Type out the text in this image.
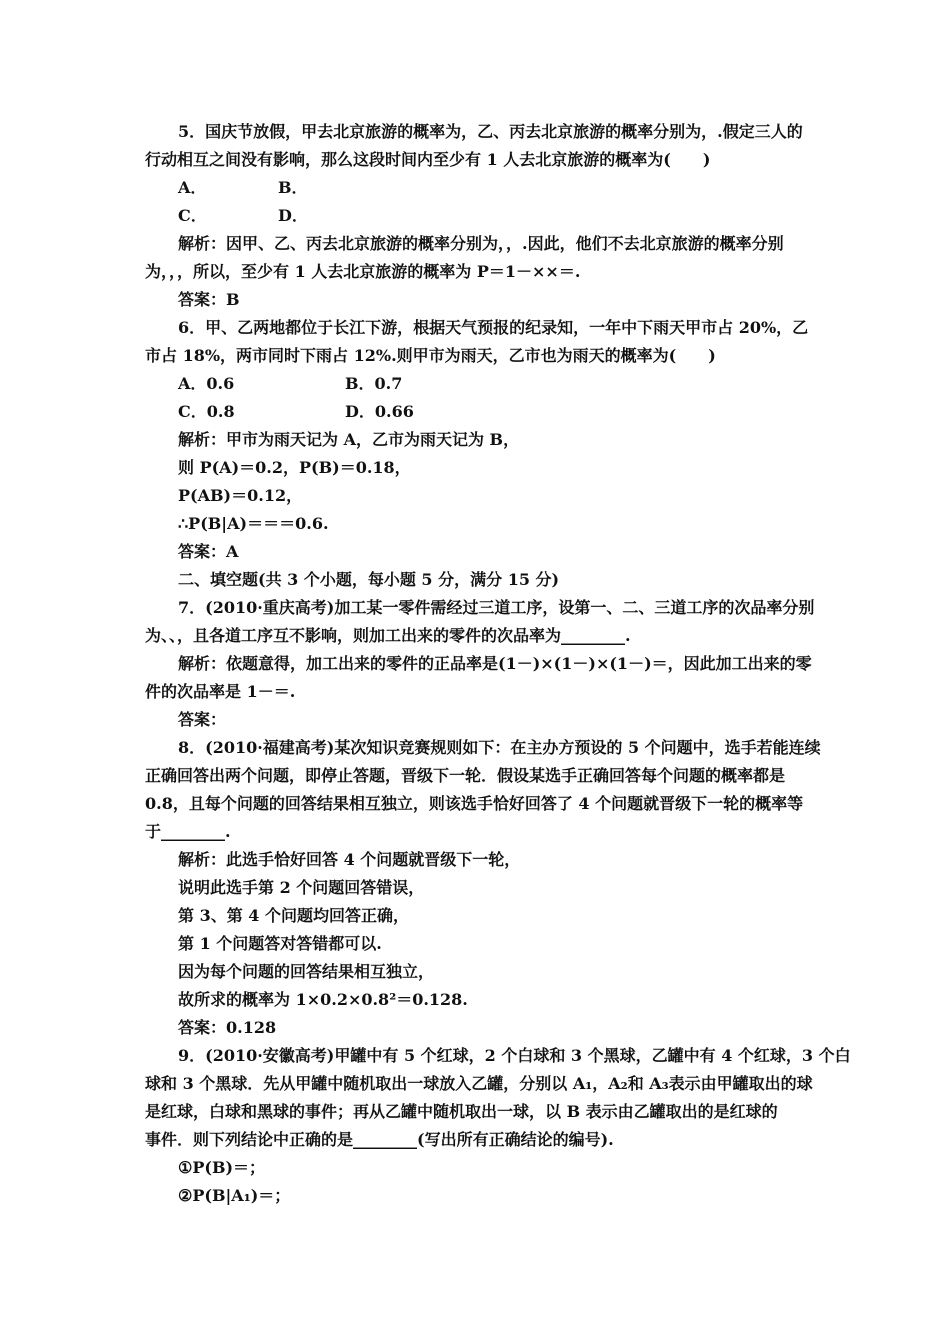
5．国庆节放假，甲去北京旅游的概率为，乙、丙去北京旅游的概率分别为，.假定三人的
行动相互之间没有影响，那么这段时间内至少有 1 人去北京旅游的概率为(　　)
A．	B．
C．	D．
解析：因甲、乙、丙去北京旅游的概率分别为，，.因此，他们不去北京旅游的概率分别
为，，，所以，至少有 1 人去北京旅游的概率为 P＝1－××＝.
答案：B
6．甲、乙两地都位于长江下游，根据天气预报的纪录知，一年中下雨天甲市占 20%，乙
市占 18%，两市同时下雨占 12%.则甲市为雨天，乙市也为雨天的概率为(　　)
A．0.6	B．0.7
C．0.8	D．0.66
解析：甲市为雨天记为 A，乙市为雨天记为 B，
则 P(A)＝0.2，P(B)＝0.18，
P(AB)＝0.12，
∴P(B|A)＝＝＝0.6.
答案：A
二、填空题(共 3 个小题，每小题 5 分，满分 15 分)
7．(2010·重庆高考)加工某一零件需经过三道工序，设第一、二、三道工序的次品率分别
为、、，且各道工序互不影响，则加工出来的零件的次品率为________.
解析：依题意得，加工出来的零件的正品率是(1－)×(1－)×(1－)＝，因此加工出来的零
件的次品率是 1－＝.
答案：
8．(2010·福建高考)某次知识竞赛规则如下：在主办方预设的 5 个问题中，选手若能连续
正确回答出两个问题，即停止答题，晋级下一轮．假设某选手正确回答每个问题的概率都是
0.8，且每个问题的回答结果相互独立，则该选手恰好回答了 4 个问题就晋级下一轮的概率等
于________.
解析：此选手恰好回答 4 个问题就晋级下一轮，
说明此选手第 2 个问题回答错误，
第 3、第 4 个问题均回答正确，
第 1 个问题答对答错都可以.
因为每个问题的回答结果相互独立，
故所求的概率为 1×0.2×0.8²＝0.128.
答案：0.128
9．(2010·安徽高考)甲罐中有 5 个红球，2 个白球和 3 个黑球，乙罐中有 4 个红球，3 个白
球和 3 个黑球．先从甲罐中随机取出一球放入乙罐，分别以 A₁，A₂和 A₃表示由甲罐取出的球
是红球，白球和黑球的事件；再从乙罐中随机取出一球，以 B 表示由乙罐取出的是红球的
事件．则下列结论中正确的是________(写出所有正确结论的编号).
①P(B)＝；
②P(B|A₁)＝；
